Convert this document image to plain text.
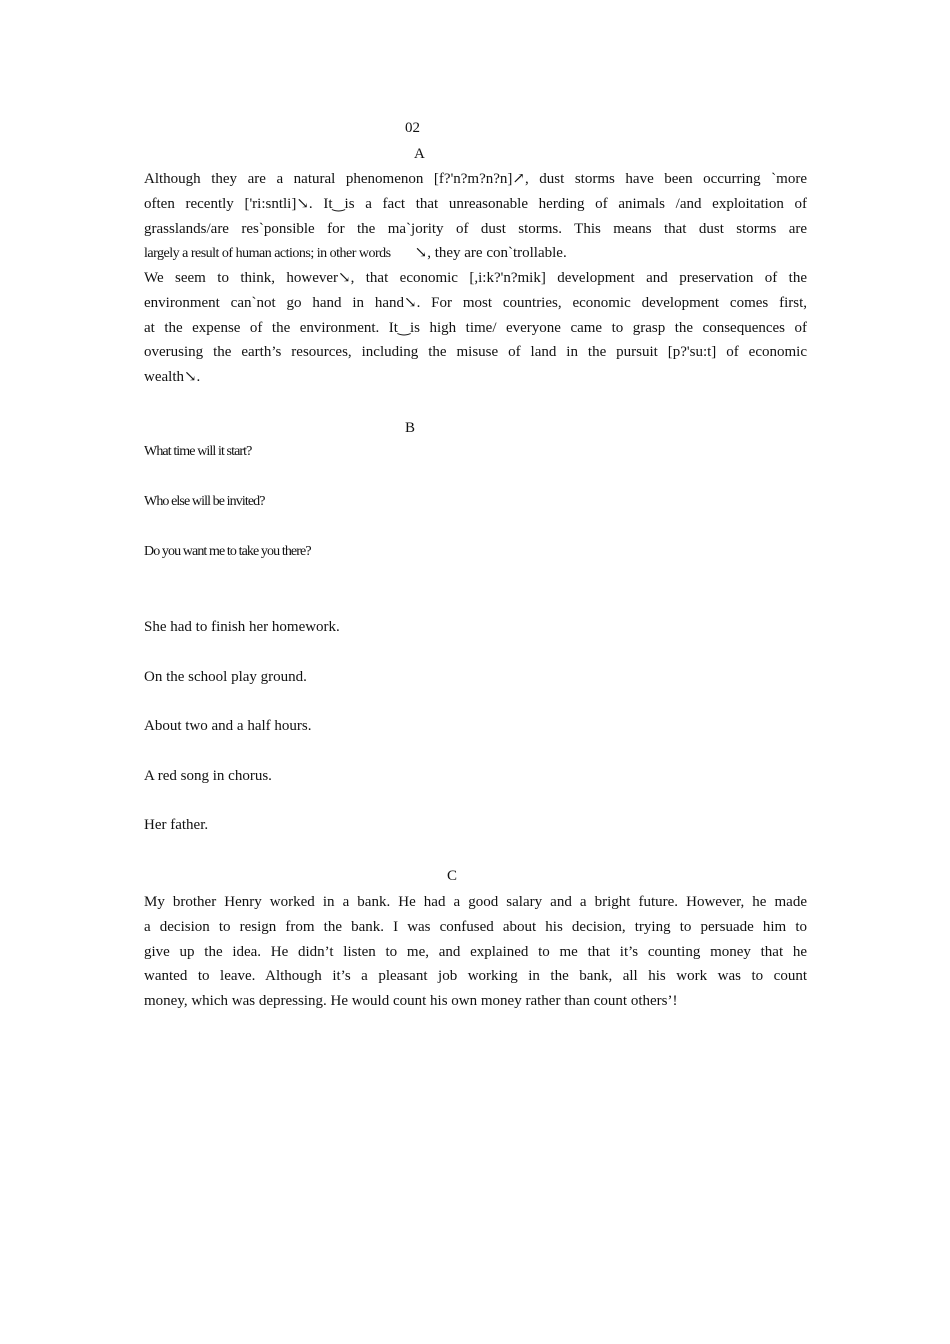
02
A
Although they are a natural phenomenon [f?'n?m?n?n]↗, dust storms have been occurring `more
often recently ['ri:sntli]↘. It‿is a fact that unreasonable herding of animals /and exploitation of
grasslands/are res`ponsible for the ma`jority of dust storms. This means that dust storms are
largely a result of human actions; in other words ↘, they are con`trollable.
We seem to think, however↘, that economic [,i:k?'n?mik] development and preservation of the
environment can`not go hand in hand↘. For most countries, economic development comes first,
at the expense of the environment. It‿is high time/ everyone came to grasp the consequences of
overusing the earth’s resources, including the misuse of land in the pursuit [p?'su:t] of economic
wealth↘.
B
What time will it start?
Who else will be invited?
Do you want me to take you there?
She had to finish her homework.
On the school play ground.
About two and a half hours.
A red song in chorus.
Her father.
C
My brother Henry worked in a bank. He had a good salary and a bright future. However, he made
a decision to resign from the bank. I was confused about his decision, trying to persuade him to
give up the idea. He didn’t listen to me, and explained to me that it’s counting money that he
wanted to leave. Although it’s a pleasant job working in the bank, all his work was to count
money, which was depressing. He would count his own money rather than count others’!
